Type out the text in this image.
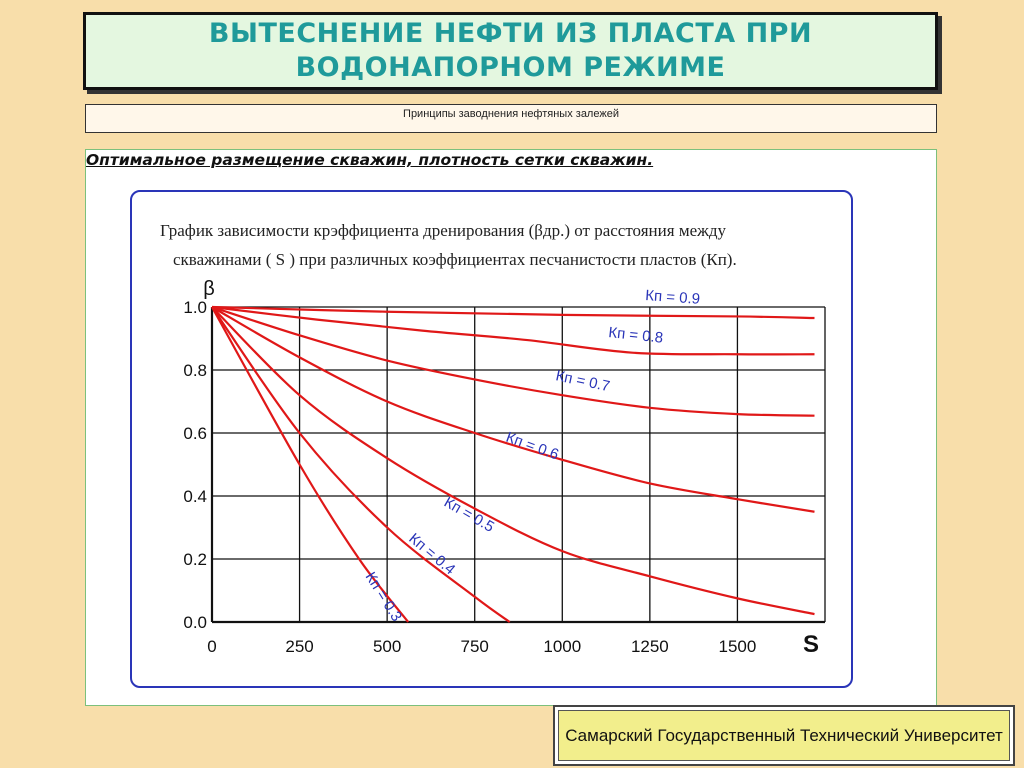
ВЫТЕСНЕНИЕ НЕФТИ ИЗ ПЛАСТА ПРИ
ВОДОНАПОРНОМ РЕЖИМЕ
Принципы заводнения нефтяных залежей
Оптимальное размещение скважин, плотность сетки скважин.
График зависимости крэффициента дренирования (βдр.) от расстояния между
скважинами ( S ) при различных коэффициентах песчанистости пластов (Кп).
0.0
0.2
0.4
0.6
0.8
1.0
0	250	500	750	1000	1250	1500
β
S
Кп = 0.9
Кп = 0.8
Кп = 0.7
Кп = 0.6
Кп = 0.5
Кп = 0.4
Кп = 0.3
Самарский Государственный Технический Университет
